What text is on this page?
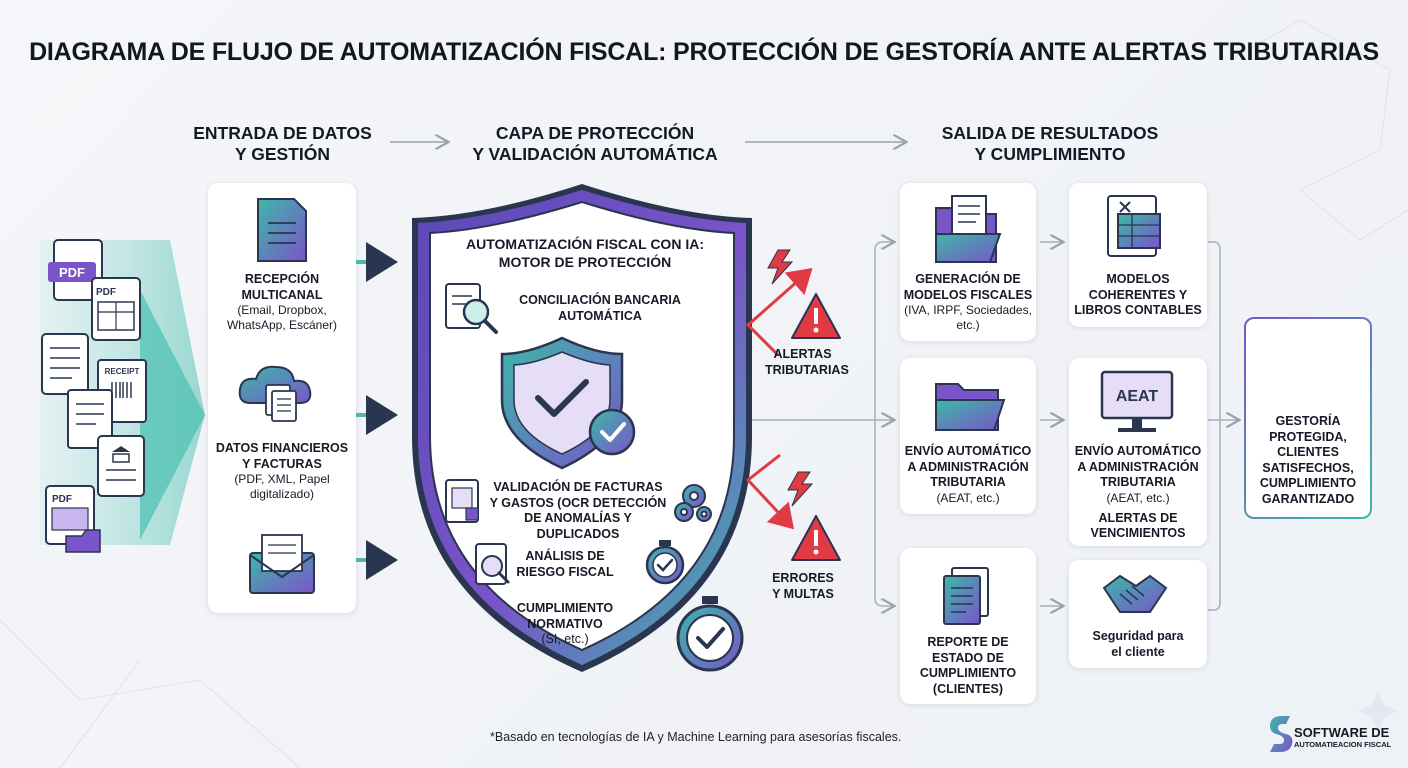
DIAGRAMA DE FLUJO DE AUTOMATIZACIÓN FISCAL: PROTECCIÓN DE GESTORÍA ANTE ALERTAS TRIBUTARIAS
ENTRADA DE DATOS
Y GESTIÓN
CAPA DE PROTECCIÓN
Y VALIDACIÓN AUTOMÁTICA
SALIDA DE RESULTADOS
Y CUMPLIMIENTO
PDF
PDF
RECEIPT
PDF
RECEPCIÓN
MULTICANAL
(Email, Dropbox,
WhatsApp, Escáner)
DATOS FINANCIEROS
Y FACTURAS
(PDF, XML, Papel
digitalizado)
AUTOMATIZACIÓN FISCAL CON IA:
MOTOR DE PROTECCIÓN
CONCILIACIÓN BANCARIA
AUTOMÁTICA
VALIDACIÓN DE FACTURAS
Y GASTOS (OCR DETECCIÓN
DE ANOMALÍAS Y
DUPLICADOS
ANÁLISIS DE
RIESGO FISCAL
CUMPLIMIENTO
NORMATIVO
(SI, etc.)
ALERTAS
TRIBUTARIAS
ERRORES
Y MULTAS
AEAT
GENERACIÓN DE
MODELOS FISCALES
(IVA, IRPF, Sociedades,
etc.)
ENVÍO AUTOMÁTICO
A ADMINISTRACIÓN
TRIBUTARIA
(AEAT, etc.)
REPORTE DE
ESTADO DE
CUMPLIMIENTO
(CLIENTES)
MODELOS
COHERENTES Y
LIBROS CONTABLES
ENVÍO AUTOMÁTICO
A ADMINISTRACIÓN
TRIBUTARIA
(AEAT, etc.)
ALERTAS DE
VENCIMIENTOS
Seguridad para
el cliente
GESTORÍA
PROTEGIDA,
CLIENTES
SATISFECHOS,
CUMPLIMIENTO
GARANTIZADO
*Basado en tecnologías de IA y Machine Learning para asesorías fiscales.	SOFTWARE DE
AUTOMATIEACION FISCAL
